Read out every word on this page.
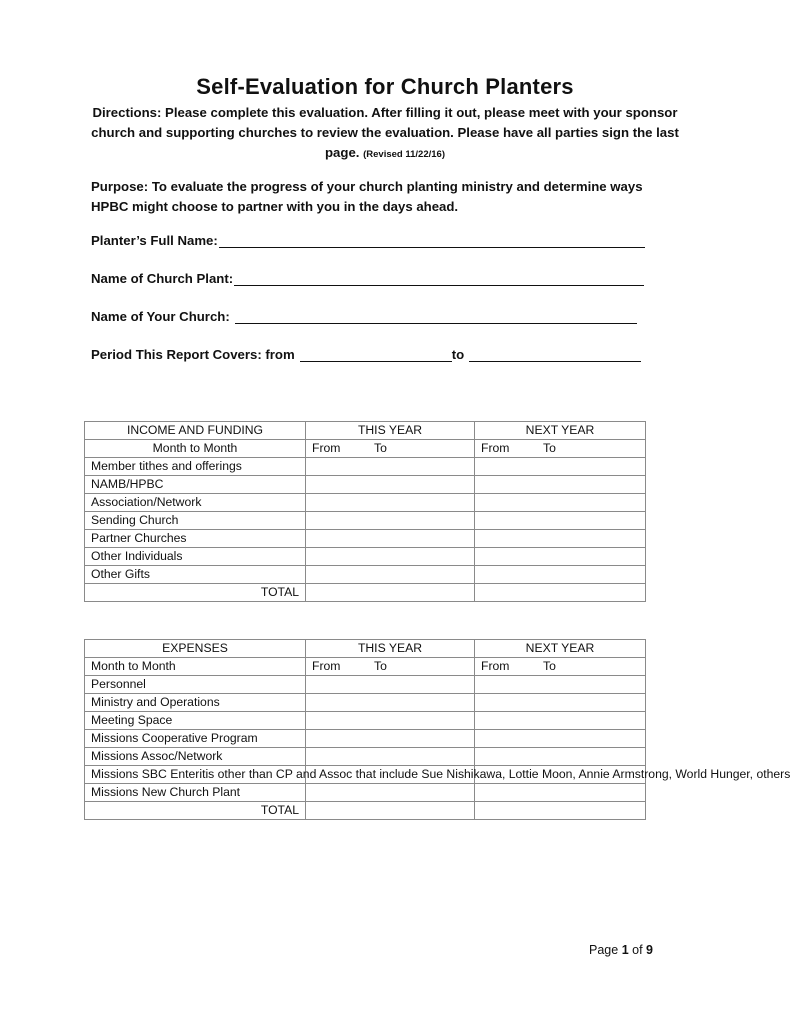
Self-Evaluation for Church Planters
Directions: Please complete this evaluation. After filling it out, please meet with your sponsor church and supporting churches to review the evaluation. Please have all parties sign the last page. (Revised 11/22/16)
Purpose: To evaluate the progress of your church planting ministry and determine ways HPBC might choose to partner with you in the days ahead.
Planter’s Full Name:
Name of Church Plant:
Name of Your Church:
Period This Report Covers: from	to
INCOME AND FUNDING	THIS YEAR	NEXT YEAR
Month to Month	From To	From To
Member tithes and offerings		
NAMB/HPBC		
Association/Network		
Sending Church		
Partner Churches		
Other Individuals		
Other Gifts		
TOTAL		
EXPENSES	THIS YEAR	NEXT YEAR
Month to Month	From To	From To
Personnel		
Ministry and Operations		
Meeting Space		
Missions Cooperative Program		
Missions Assoc/Network		
Missions SBC Enteritis other than CP and Assoc that include Sue Nishikawa, Lottie Moon, Annie Armstrong, World Hunger, others		
Missions New Church Plant		
TOTAL		
Page 1 of 9
